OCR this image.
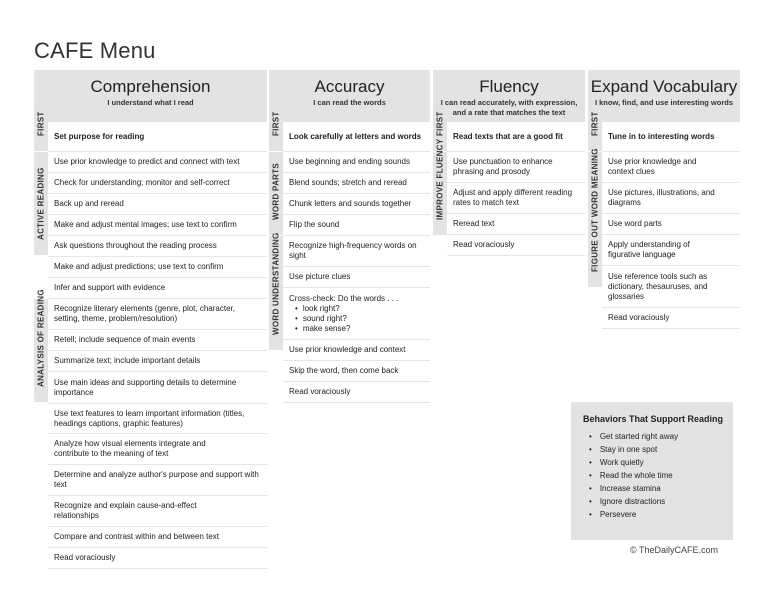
CAFE Menu
Comprehension
I understand what I read
FIRST	Set purpose for reading
ACTIVE READING
Use prior knowledge to predict and connect with text
Check for understanding; monitor and self-correct
Back up and reread
Make and adjust mental images; use text to confirm
Ask questions throughout the reading process
Make and adjust predictions; use text to confirm
Infer and support with evidence
ANALYSIS OF READING	Recognize literary elements (genre, plot, character, setting, theme, problem/resolution)
Retell; include sequence of main events
Summarize text; include important details
Use main ideas and supporting details to determine importance
Use text features to learn important information (titles, headings captions, graphic features)
Analyze how visual elements integrate and contribute to the meaning of text
Determine and analyze author's purpose and support with text
Recognize and explain cause-and-effect relationships
Compare and contrast within and between text
Read voraciously
Accuracy
I can read the words
FIRST	Look carefully at letters and words
WORD PARTS
Use beginning and ending sounds
Blend sounds; stretch and reread
Chunk letters and sounds together
Flip the sound
WORD UNDERSTANDING	Recognize high-frequency words on sight
Use picture clues
Cross-check: Do the words . . .
• look right?
• sound right?
• make sense?
Use prior knowledge and context
Skip the word, then come back
Read voraciously
Fluency
I can read accurately, with expression, and a rate that matches the text
FIRST	Read texts that are a good fit
IMPROVE FLUENCY	Use punctuation to enhance phrasing and prosody
Adjust and apply different reading rates to match text
Reread text
Read voraciously
Expand Vocabulary
I know, find, and use interesting words
FIRST	Tune in to interesting words
FIGURE OUT WORD MEANING	Use prior knowledge and context clues
Use pictures, illustrations, and diagrams
Use word parts
Apply understanding of figurative language
Use reference tools such as dictionary, thesauruses, and glossaries
Read voraciously
Behaviors That Support Reading
• Get started right away
• Stay in one spot
• Work quietly
• Read the whole time
• Increase stamina
• Ignore distractions
• Persevere
© TheDailyCAFE.com
